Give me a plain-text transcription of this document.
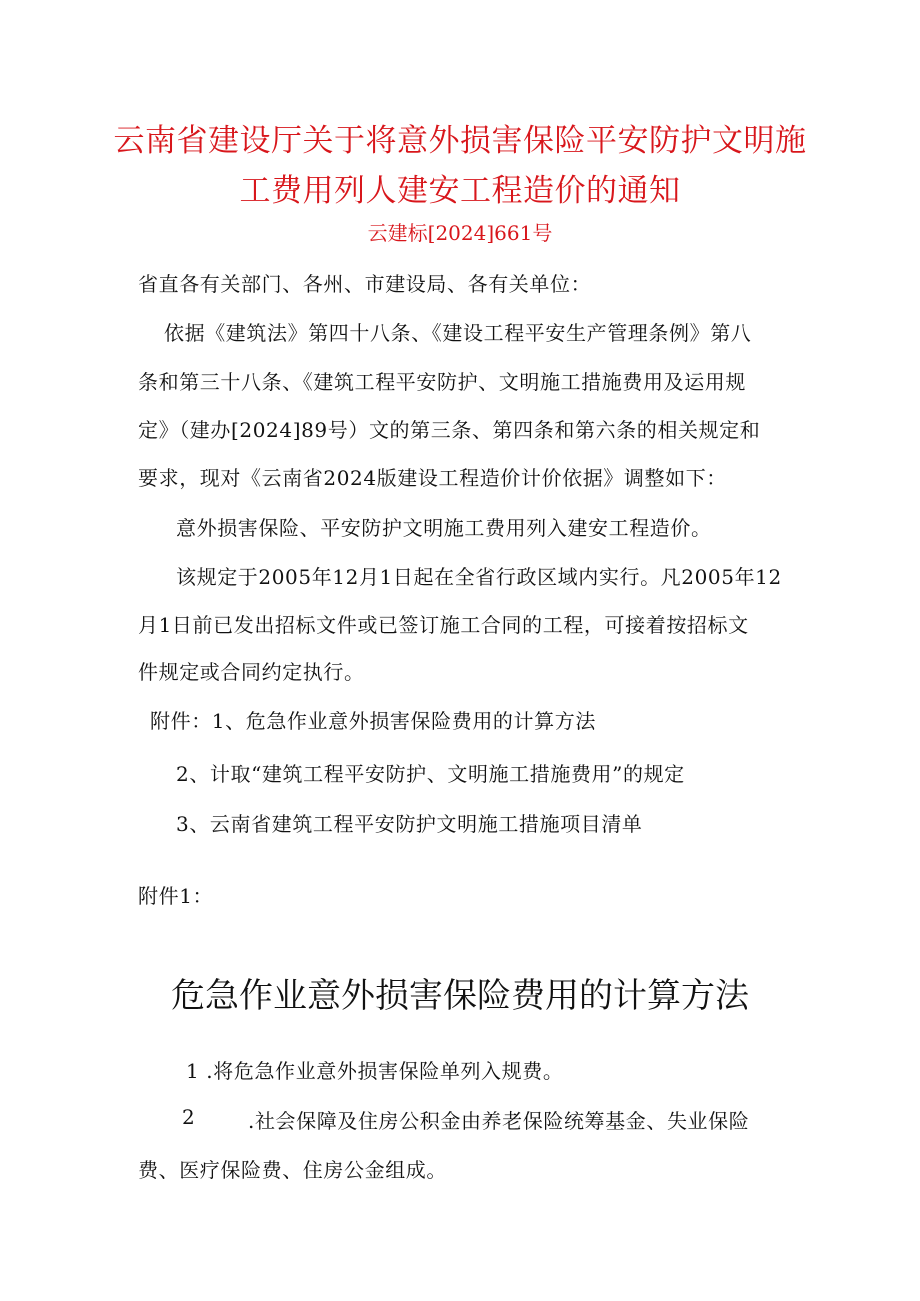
云南省建设厅关于将意外损害保险平安防护文明施
工费用列人建安工程造价的通知
云建标[2024]661号
省直各有关部门、各州、市建设局、各有关单位：
依据《建筑法》第四十八条、《建设工程平安生产管理条例》第八
条和第三十八条、《建筑工程平安防护、文明施工措施费用及运用规
定》（建办[2024]89号）文的第三条、第四条和第六条的相关规定和
要求，现对《云南省2024版建设工程造价计价依据》调整如下：
意外损害保险、平安防护文明施工费用列入建安工程造价。
该规定于2005年12月1日起在全省行政区域内实行。凡2005年12
月1日前已发出招标文件或已签订施工合同的工程，可接着按招标文
件规定或合同约定执行。
附件：1、危急作业意外损害保险费用的计算方法
2、计取“建筑工程平安防护、文明施工措施费用”的规定
3、云南省建筑工程平安防护文明施工措施项目清单
附件1：
危急作业意外损害保险费用的计算方法
1 .将危急作业意外损害保险单列入规费。
2	.社会保障及住房公积金由养老保险统筹基金、失业保险
费、医疗保险费、住房公金组成。
